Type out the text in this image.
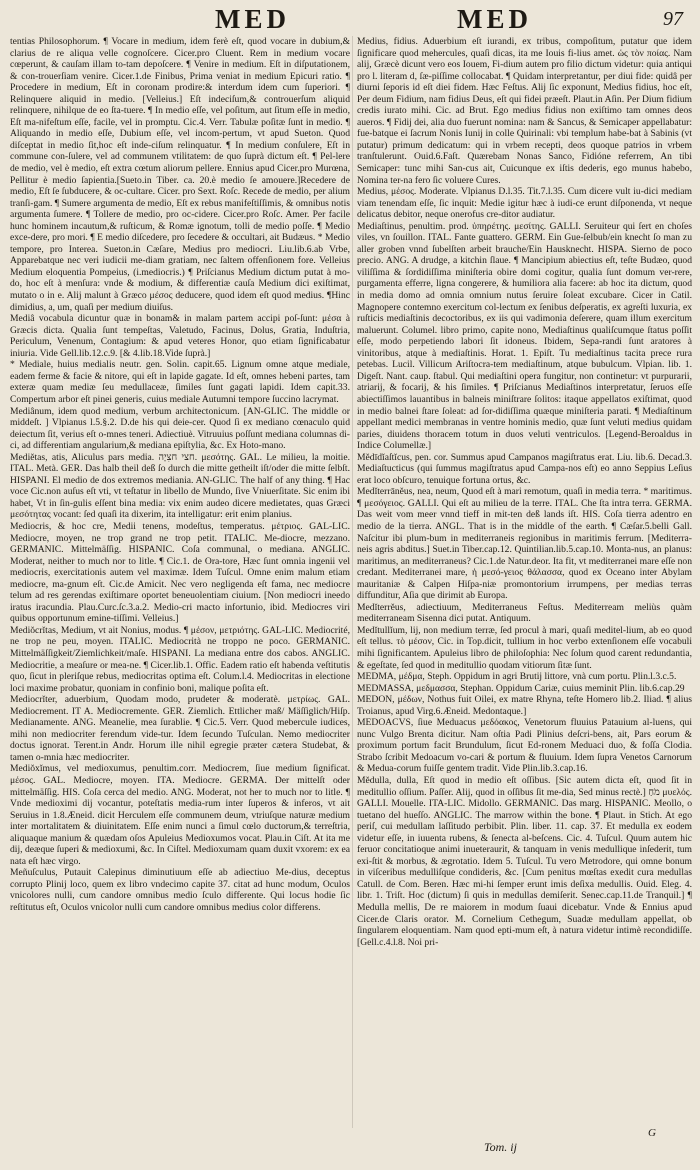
MED	MED	97

tentias Philosophorum. ¶ Vocare in medium, idem ferè eſt, quod vocare in dubium,& clarius de re aliqua velle cognoſcere. Cicer.pro Cluent. Rem in medium vocare cœperunt, & cauſam illam to-tam depoſcere. ¶ Venire in medium. Eſt in diſputationem, & con-trouerſiam venire. Cicer.1.de Finibus, Prima veniat in medium Epicuri ratio. ¶ Procedere in medium, Eſt in coronam prodire:& interdum idem cum ſuperiori. ¶ Relinquere aliquid in medio. [Velleius.] Eſt indeciſum,& controuerſum aliquid relinquere, nihilque de eo ſta-tuere. ¶ In medio eſſe, vel poſitum, aut ſitum eſſe in medio, Eſt ma-nifeſtum eſſe, facile, vel in promptu. Cic.4. Verr. Tabulæ poſitæ ſunt in medio. ¶ Aliquando in medio eſſe, Dubium eſſe, vel incom-pertum, vt apud Sueton. Quod diſceptat in medio ſit,hoc eſt inde-ciſum relinquatur. ¶ In medium conſulere, Eſt in commune con-ſulere, vel ad communem vtilitatem: de quo ſuprà dictum eſt. ¶ Pel-lere de medio, vel è medio, eſt extra cœtum aliorum pellere. Ennius apud Cicer.pro Murœna, Pellitur è medio ſapientia.[Sueto.in Tiber. ca. 20.è medio ſe amouere.]Recedere de medio, Eſt ſe ſubducere, & oc-cultare. Cicer. pro Sext. Roſc. Recede de medio, per alium tranſi-gam. ¶ Sumere argumenta de medio, Eſt ex rebus manifeſtiſſimis, & omnibus notis argumenta ſumere. ¶ Tollere de medio, pro oc-cidere. Cicer.pro Roſc. Amer. Per facile hunc hominem incautum,& ruſticum, & Romæ ignotum, tolli de medio poſſe. ¶ Medio exce-dere, pro mori. ¶ E medio diſcedere, pro ſecedere & occultari, ait Budæus. * Medio tempore, pro Interea. Sueton.in Cæſare, Medius pro mediocri. Liu.lib.6.ab Vrbe, Apparebatque nec veri iudicii me-diam gratiam, nec ſaltem offenſionem fore. Velleius Medium eloquentia Pompeius, (i.mediocris.) ¶ Priſcianus Medium dictum putat à mo-do, hoc eſt à menſura: vnde & modium, & differentiæ cauſa Medium dici exiſtimat, mutato o in e. Alij malunt à Græco μέσος deducere, quod idem eſt quod medius. ¶Hinc dimidius, a, um, quaſi per medium diuiſus.

Mediâ vocabula dicuntur quæ in bonam& in malam partem accipi poſ-ſunt: μέσα à Græcis dicta. Qualia ſunt tempeſtas, Valetudo, Facinus, Dolus, Gratia, Induſtria, Periculum, Venenum, Contagium: & apud veteres Honor, quo etiam ſignificabatur iniuria. Vide Gell.lib.12.c.9. [& 4.lib.18.Vide ſuprà.]

* Mediale, huius medialis neutr. gen. Solin. capit.65. Lignum omne atque mediale, eadem ferme & facie & nitore, qui eſt in lapide gagate. Id eſt, omnes hebeni partes, tam exteræ quam mediæ ſeu medullaceæ, ſimiles ſunt gagati lapidi. Idem capit.33. Compertum arbor eſt pinei generis, cuius mediale Autumni tempore ſuccino lacrymat.

Mediânum, idem quod medium, verbum architectonicum. [AN-GLIC. The middle or middeſt. ] Vlpianus l.5.§.2. D.de his qui deie-cer. Quod ſi ex mediano cœnaculo quid deiectum ſit, verius eſt o-mnes teneri. Adiectiuè. Vitruuius poſſunt mediana columnas di-ci, ad differentiam angularium,& mediana epiſtylia, &c. Ex Hoto-mano.

Mediĕtas, atis, Aliculus pars media. חצי חצִיָה. μεσότης. GAL. Le milieu, la moitie. ITAL. Metà. GER. Das halb theil deß ſo durch die mitte getheilt iſt/oder die mitte ſelbſt. HISPANI. El medio de dos extremos mediania. AN-GLIC. The half of any thing. ¶ Hac voce Cic.non auſus eſt vti, vt teſtatur in libello de Mundo, ſive Vniuerſitate. Sic enim ibi habet, Vt in ſin-gulis eſſent bina media: vix enim audeo dicere medietates, quas Græci μεσότητας vocant: ſed quaſi ita dixerim, ita intelligatur: erit enim planius.

Mediocris, & hoc cre, Medii tenens, modeſtus, temperatus. μέτριος. GAL-LIC. Mediocre, moyen, ne trop grand ne trop petit. ITALIC. Me-diocre, mezzano. GERMANIC. Mittelmäſſig. HISPANIC. Coſa communal, o mediana. ANGLIC. Moderat, neither to much nor to litle. ¶ Cic.1. de Ora-tore, Hæc ſunt omnia ingenii vel mediocris, exercitationis autem vel maximæ. Idem Tuſcul. Omne enim malum etiam mediocre, ma-gnum eſt. Cic.de Amicit. Nec vero negligenda eſt fama, nec mediocre telum ad res gerendas exiſtimare oportet beneuolentiam ciuium. [Non mediocri ineedo iratus iracundia. Plau.Curc.ſc.3.a.2. Medio-cri macto infortunio, ibid. Mediocres viri quibus opportunum emine-tiſſimi. Velleius.]

Mediŏcrĭtas, Medium, vt ait Nonius, modus. ¶ μέσον, μετριότης. GAL-LIC. Mediocrité, ne trop ne peu, moyen. ITALIC. Mediocrità ne troppo ne poco. GERMANIC. Mittelmäſſigkeit/Ziemlichkeit/maſe. HISPANI. La mediana entre dos cabos. ANGLIC. Mediocritie, a meaſure or mea-ne. ¶ Cicer.lib.1. Offic. Eadem ratio eſt habenda veſtitutis quo, ſicut in pleriſque rebus, mediocritas optima eſt. Colum.l.4. Mediocritas in electione loci maxime probatur, quoniam in confinio boni, malique poſita eſt.

Mediocrĭter, aduerbium, Quodam modo, prudeter & moderatè. μετρίως. GAL. Mediocrement. IT A. Mediocremente. GER. Ziemlich. Ettlicher maß/ Mäſſiglich/Hiſp. Medianamente. ANG. Meanelie, mea ſurablie. ¶ Cic.5. Verr. Quod mebercule iudices, mihi non mediocriter ferendum vide-tur. Idem ſecundo Tuſculan. Nemo mediocriter doctus ignorat. Terent.in Andr. Horum ille nihil egregie præter cætera Studebat, & tamen o-mnia hæc mediocriter.

Mediŏxĭmus, vel medioxumus, penultim.corr. Mediocrem, ſiue medium ſignificat. μέσος. GAL. Mediocre, moyen. ITA. Mediocre. GERMA. Der mittelſt oder mittelmäſſig. HIS. Coſa cerca del medio. ANG. Moderat, not her to much nor to litle. ¶ Vnde medioximi dij vocantur, poteſtatis media-rum inter ſuperos & inferos, vt ait Seruius in 1.8.Æneid. dicit Herculem eſſe communem deum, vtriuſque naturæ medium inter mortalitatem & diuinitatem. Eſſe enim nunci a ſimul cœlo ductorum,& terreſtria, aliquaque manium & quædam oſos Apuleius Medioxumos vocat. Plau.in Ciſt. At ita me dij, deæque ſuperi & medioxumi, &c. In Ciſtel. Medioxumam quam duxit vxorem: ex ea nata eſt hæc virgo.

Meñuſculus, Putauit Calepinus diminutiuum eſſe ab adiectiuo Me-dius, deceptus corrupto Plinij loco, quem ex libro vndecimo capite 37. citat ad hunc modum, Oculos vnicolores nulli, cum candore omnibus medio ſculo differente. Qui locus hodie ſic reſtitutus eſt, Oculos vnicolor nulli cum candore omnibus medius color differens.

Medius, fidius. Aduerbium eſt iurandi, ex tribus, compoſitum, putatur que idem ſignificare quod mehercules, quaſi dicas, ita me Iouis fi-lius amet. ὡς τὸν ποίας. Nam alij, Græcè dicunt vero eos Iouem, Fi-dium autem pro filio dictum videtur: quia antiqui pro l. literam d, ſæ-piſſime collocabat. ¶ Quidam interpretantur, per diui fide: quidâ per diurni ſeporis id eſt diei fidem. Hæc Feſtus. Alij ſic exponunt, Medius fidius, hoc eſt, Per deum Fidium, nam fidius Deus, eſt qui fidei præeſt. Plaut.in Aſin. Per Dium fidium credis iurato mihi. Cic. ad Brut. Ego medius fidius non exiſtimo tam omnes deos aueros. ¶ Fidij dei, alia duo fuerunt nomina: nam & Sancus, & Semicaper appellabatur: fue-batque ei ſacrum Nonis Iunij in colle Quirinali: vbi templum habe-bat à Sabinis (vt putatur) primum dedicatum: qui in vrbem recepti, deos quoque patrios in vrbem tranſtulerunt. Ouid.6.Faſt. Quærebam Nonas Sanco, Fidióne referrem, An tibi Semicaper: tunc mihi San-cus ait, Cuicunque ex iſtis dederis, ego munus habebo, Nomina ter-na fero ſic voluere Cures.

Medius, μέσος. Moderate. Vlpianus D.l.35. Tit.7.l.35. Cum dicere vult iu-dici mediam viam tenendam eſſe, ſic inquit: Medie igitur hæc à iudi-ce erunt diſponenda, vt neque delicatus debitor, neque onerofus cre-ditor audiatur.

Mediaſtinus, penultim. prod. ὑπηρέτης. μεσίτης. GALLI. Seruiteur qui ſert en choſes viles, vn ſouillon. ITAL. Fante guattero. GERM. Ein Gue-ſelbub/ein knecht ſo man zu aller groben vnnd ſubelſten arbeit brauche/Ein Hausknecht. HISPA. Sierno de poco precio. ANG. A drudge, a kitchin ſlaue. ¶ Mancipium abiectius eſt, teſte Budæo, quod viliſſima & ſordidiſſima miniſteria obire domi cogitur, qualia ſunt domum ver-rere, purgamenta efferre, ligna congerere, & humiliora alia facere: ab hoc ita dictum, quod in media domo ad omnia omnium nutus ſeruire ſoleat excubare. Cicer in Catil. Magnopere contemno exercitum col-lectum ex ſenibus deſperatis, ex agreſti luxuria, ex ruſticis mediaſtinis decoctoribus, ex iis qui vadimonia deſerere, quam illum exercitum maluerunt. Columel. libro primo, capite nono, Mediaſtinus qualiſcumque ſtatus poſſit eſſe, modo perpetiendo labori ſit idoneus. Ibidem, Sepa-randi ſunt aratores à vinitoribus, atque à mediaſtinis. Horat. 1. Epiſt. Tu mediaſtinus tacita prece rura petebas. Lucil. Villicum Ariſtocra-tem mediaſtinum, atque bubulcum. Vlpian. lib. 1. Digeſt. Nant. caup. ſtabul. Qui mediaſtini opera fungitur, non continetur: vt purpurarii, atriarij, & focarij, & his ſimiles. ¶ Priſcianus Mediaſtinos interpretatur, ſeruos eſſe abiectiſſimos lauantibus in balneis miniſtrare ſolitos: itaque appellatos exiſtimat, quod in medio balnei ſtare ſoleat: ad ſor-didiſſima quæque miniſteria parati. ¶ Mediaſtinum appellant medici membranas in ventre hominis medio, quæ ſunt veluti medius quidam paries, diuidens thoracem totum in duos veluti ventriculos. [Legend-Beroaldus in Indice Columellæ.]

Mĕdīdĭaſtĭcus, pen. cor. Summus apud Campanos magiſtratus erat. Liu. lib.6. Decad.3. Mediaſtucticus (qui ſummus magiſtratus apud Campa-nos eſt) eo anno Seppius Leſius erat loco obſcuro, tenuique fortuna ortus, &c.

Medĭterrānĕus, nea, neum, Quod eſt à mari remotum, quaſi in media terra. * maritimus. ¶ μεσόγειος. GALLI. Qui eſt au milieu de la terre. ITAL. Che ſta intra terra. GERMA. Das weit vom meer vnnd tieff in mit-ten deß lands iſt. HIS. Coſa tierra adentro en medio de la tierra. ANGL. That is in the middle of the earth. ¶ Cæſar.5.belli Gall. Naſcitur ibi plum-bum in mediterraneis regionibus in maritimis ferrum. [Mediterra-neis agris abditus.] Suet.in Tiber.cap.12. Quintilian.lib.5.cap.10. Monta-nus, an planus: maritimus, an mediterraneus? Cic.1.de Natur.deor. Ita fit, vt mediterranei mare eſſe non credant. Mediterranei mare, ἡ μεσό-γειος θάλασσα, quod ex Oceano inter Abylam mauritaniæ & Calpen Hiſpa-niæ promontorium irrumpens, per medias terras diffunditur, Aſia que dirimit ab Europa.

Medĭterrĕus, adiectiuum, Mediterraneus Feſtus. Mediterream meliùs quàm mediterraneam Sisenna dici putat. Antiquum.

Medĭtullĭum, lij, non medium terræ, ſed procul à mari, quaſi meditel-lium, ab eo quod eſt tellus. τὸ μέσον, Cic. in Top.dicit, tullium in hoc verbo extenſionem eſſe vocabuli mihi ſignificantem. Apuleius libro de philoſophia: Nec ſolum quod carent redundantia, & egeſtate, ſed quod in meditullio quodam vitiorum ſitæ ſunt.

MEDMA, μέδμα, Steph. Oppidum in agri Brutij littore, vnà cum portu. Plin.l.3.c.5.

MEDMASSA, μεδμασσα, Stephan. Oppidum Cariæ, cuius meminit Plin. lib.6.cap.29

MEDON, μέδων, Nothus fuit Oilei, ex matre Rhyna, teſte Homero lib.2. Iliad. ¶ alius Troianus, apud Virg.6.Æneid. Medontaque.]

MEDOACVS, ſiue Meduacus μεδόακος, Venetorum fluuius Patauium al-luens, qui nunc Vulgo Brenta dicitur. Nam oſtia Padi Plinius deſcri-bens, ait, Pars eorum & proximum portum facit Brundulum, ſicut Ed-ronem Meduaci duo, & foſſa Clodia. Strabo ſcribit Medoacum vo-cari & portum & fluuium. Idem ſupra Venetos Carnorum & Medua-corum fuiſſe gentem tradit. Vide Plin.lib.3.cap.16.

Mĕdulla, dulla, Eſt quod in medio eſt oſſibus. [Sic autem dicta eſt, quod ſit in meditullio oſſium. Paſſer. Alij, quod in oſſibus ſit me-dia, Sed minus rectè.] מֹחַ μυελός. GALLI. Mouelle. ITA-LIC. Midollo. GERMANIC. Das marg. HISPANIC. Meollo, o tuetano del hueſſo. ANGLIC. The marrow within the bone. ¶ Plaut. in Stich. At ego periſ, cui medullam laſſitudo perbibit. Plin. liber. 11. cap. 37. Et medulla ex eodem videtur eſſe, in iuuenta rubens, & ſenecta al-beſcens. Cic. 4. Tuſcul. Quum autem hic feruor concitatioque animi inueteraurit, & tanquam in venis medullique inſederit, tum exi-ſtit & morbus, & ægrotatio. Idem 5. Tuſcul. Tu vero Metrodore, qui omne bonum in viſceribus medulliſque condideris, &c. [Cum penitus mœſtas exedit cura medullas Catull. de Com. Beren. Hæc mi-hi ſemper erunt imis deſixa medullis. Ouid. Eleg. 4. libr. 1. Triſt. Hoc (dictum) ſi quis in medullas demiſerit. Senec.cap.11.de Tranquil.] ¶ Medulla mellis, De re maiorem in modum ſuaui dicebatur. Vnde & Ennius apud Cicer.de Claris orator. M. Cornelium Cethegum, Suadæ medullam appellat, ob ſingularem eloquentiam. Nam quod epti-mum eſt, à natura videtur intimè recondidiſſe. [Gell.c.4.l.8. Noi pri-

Tom. ij
G
